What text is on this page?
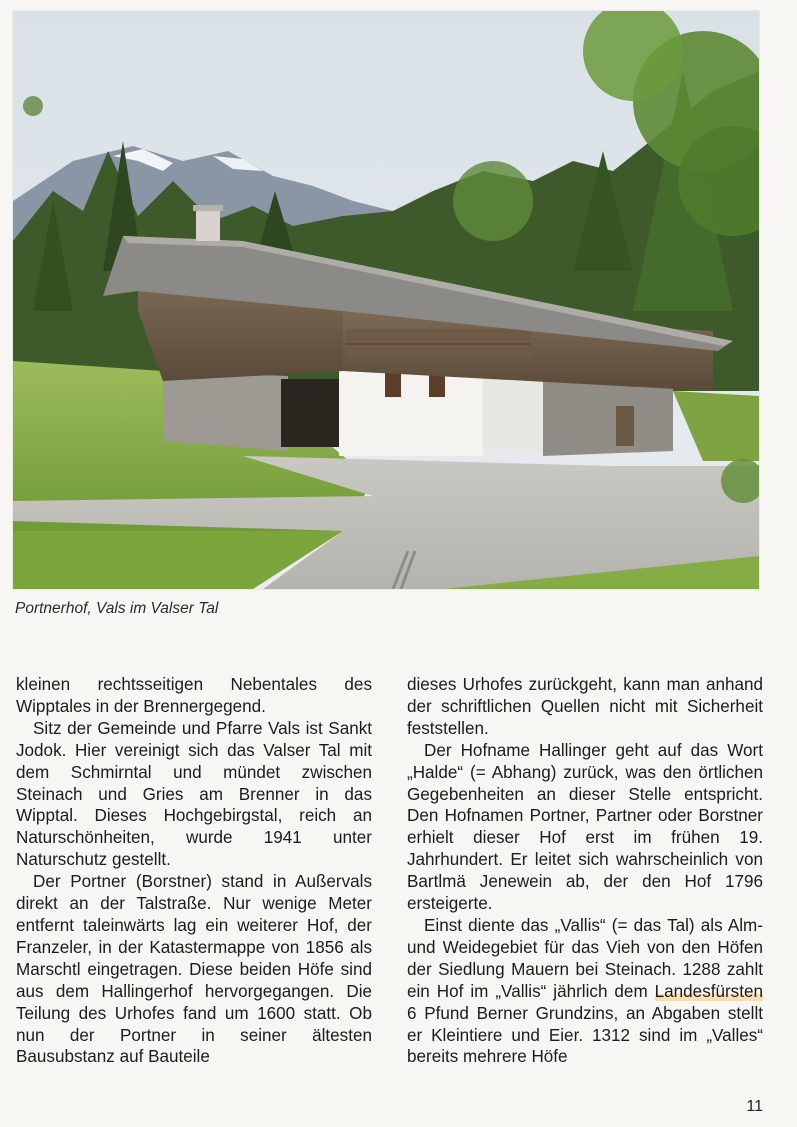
Portnerhof, Vals im Valser Tal

kleinen rechtsseitigen Nebentales des Wipptales in der Brennergegend.

Sitz der Gemeinde und Pfarre Vals ist Sankt Jodok. Hier vereinigt sich das Valser Tal mit dem Schmirntal und mündet zwischen Steinach und Gries am Brenner in das Wipptal. Dieses Hochgebirgstal, reich an Naturschönheiten, wurde 1941 unter Naturschutz gestellt.

Der Portner (Borstner) stand in Außervals direkt an der Talstraße. Nur wenige Meter entfernt taleinwärts lag ein weiterer Hof, der Franzeler, in der Katastermappe von 1856 als Marschtl eingetragen. Diese beiden Höfe sind aus dem Hallingerhof hervorgegangen. Die Teilung des Urhofes fand um 1600 statt. Ob nun der Portner in seiner ältesten Bausubstanz auf Bauteile

dieses Urhofes zurückgeht, kann man anhand der schriftlichen Quellen nicht mit Sicherheit feststellen.

Der Hofname Hallinger geht auf das Wort „Halde“ (= Abhang) zurück, was den örtlichen Gegebenheiten an dieser Stelle entspricht. Den Hofnamen Portner, Partner oder Borstner erhielt dieser Hof erst im frühen 19. Jahrhundert. Er leitet sich wahrscheinlich von Bartlmä Jenewein ab, der den Hof 1796 ersteigerte.

Einst diente das „Vallis“ (= das Tal) als Alm- und Weidegebiet für das Vieh von den Höfen der Siedlung Mauern bei Steinach. 1288 zahlt ein Hof im „Vallis“ jährlich dem Landesfürsten 6 Pfund Berner Grundzins, an Abgaben stellt er Kleintiere und Eier. 1312 sind im „Valles“ bereits mehrere Höfe

11
